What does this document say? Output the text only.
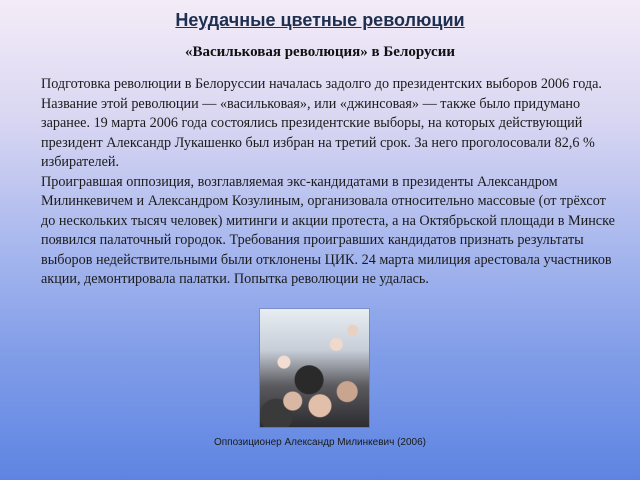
Неудачные цветные революции
«Васильковая революция» в Белорусии

Подготовка революции в Белоруссии началась задолго до президентских выборов 2006 года. Название этой революции — «васильковая», или «джинсовая» — также было придумано заранее. 19 марта 2006 года состоялись президентские выборы, на которых действующий президент Александр Лукашенко был избран на третий срок. За него проголосовали 82,6 % избирателей.

Проигравшая оппозиция, возглавляемая экс-кандидатами в президенты Александром Милинкевичем и Александром Козулиным, организовала относительно массовые (от трёхсот до нескольких тысяч человек) митинги и акции протеста, а на Октябрьской площади в Минске появился палаточный городок. Требования проигравших кандидатов признать результаты выборов недействительными были отклонены ЦИК. 24 марта милиция арестовала участников акции, демонтировала палатки. Попытка революции не удалась.

Оппозиционер Александр Милинкевич (2006)
